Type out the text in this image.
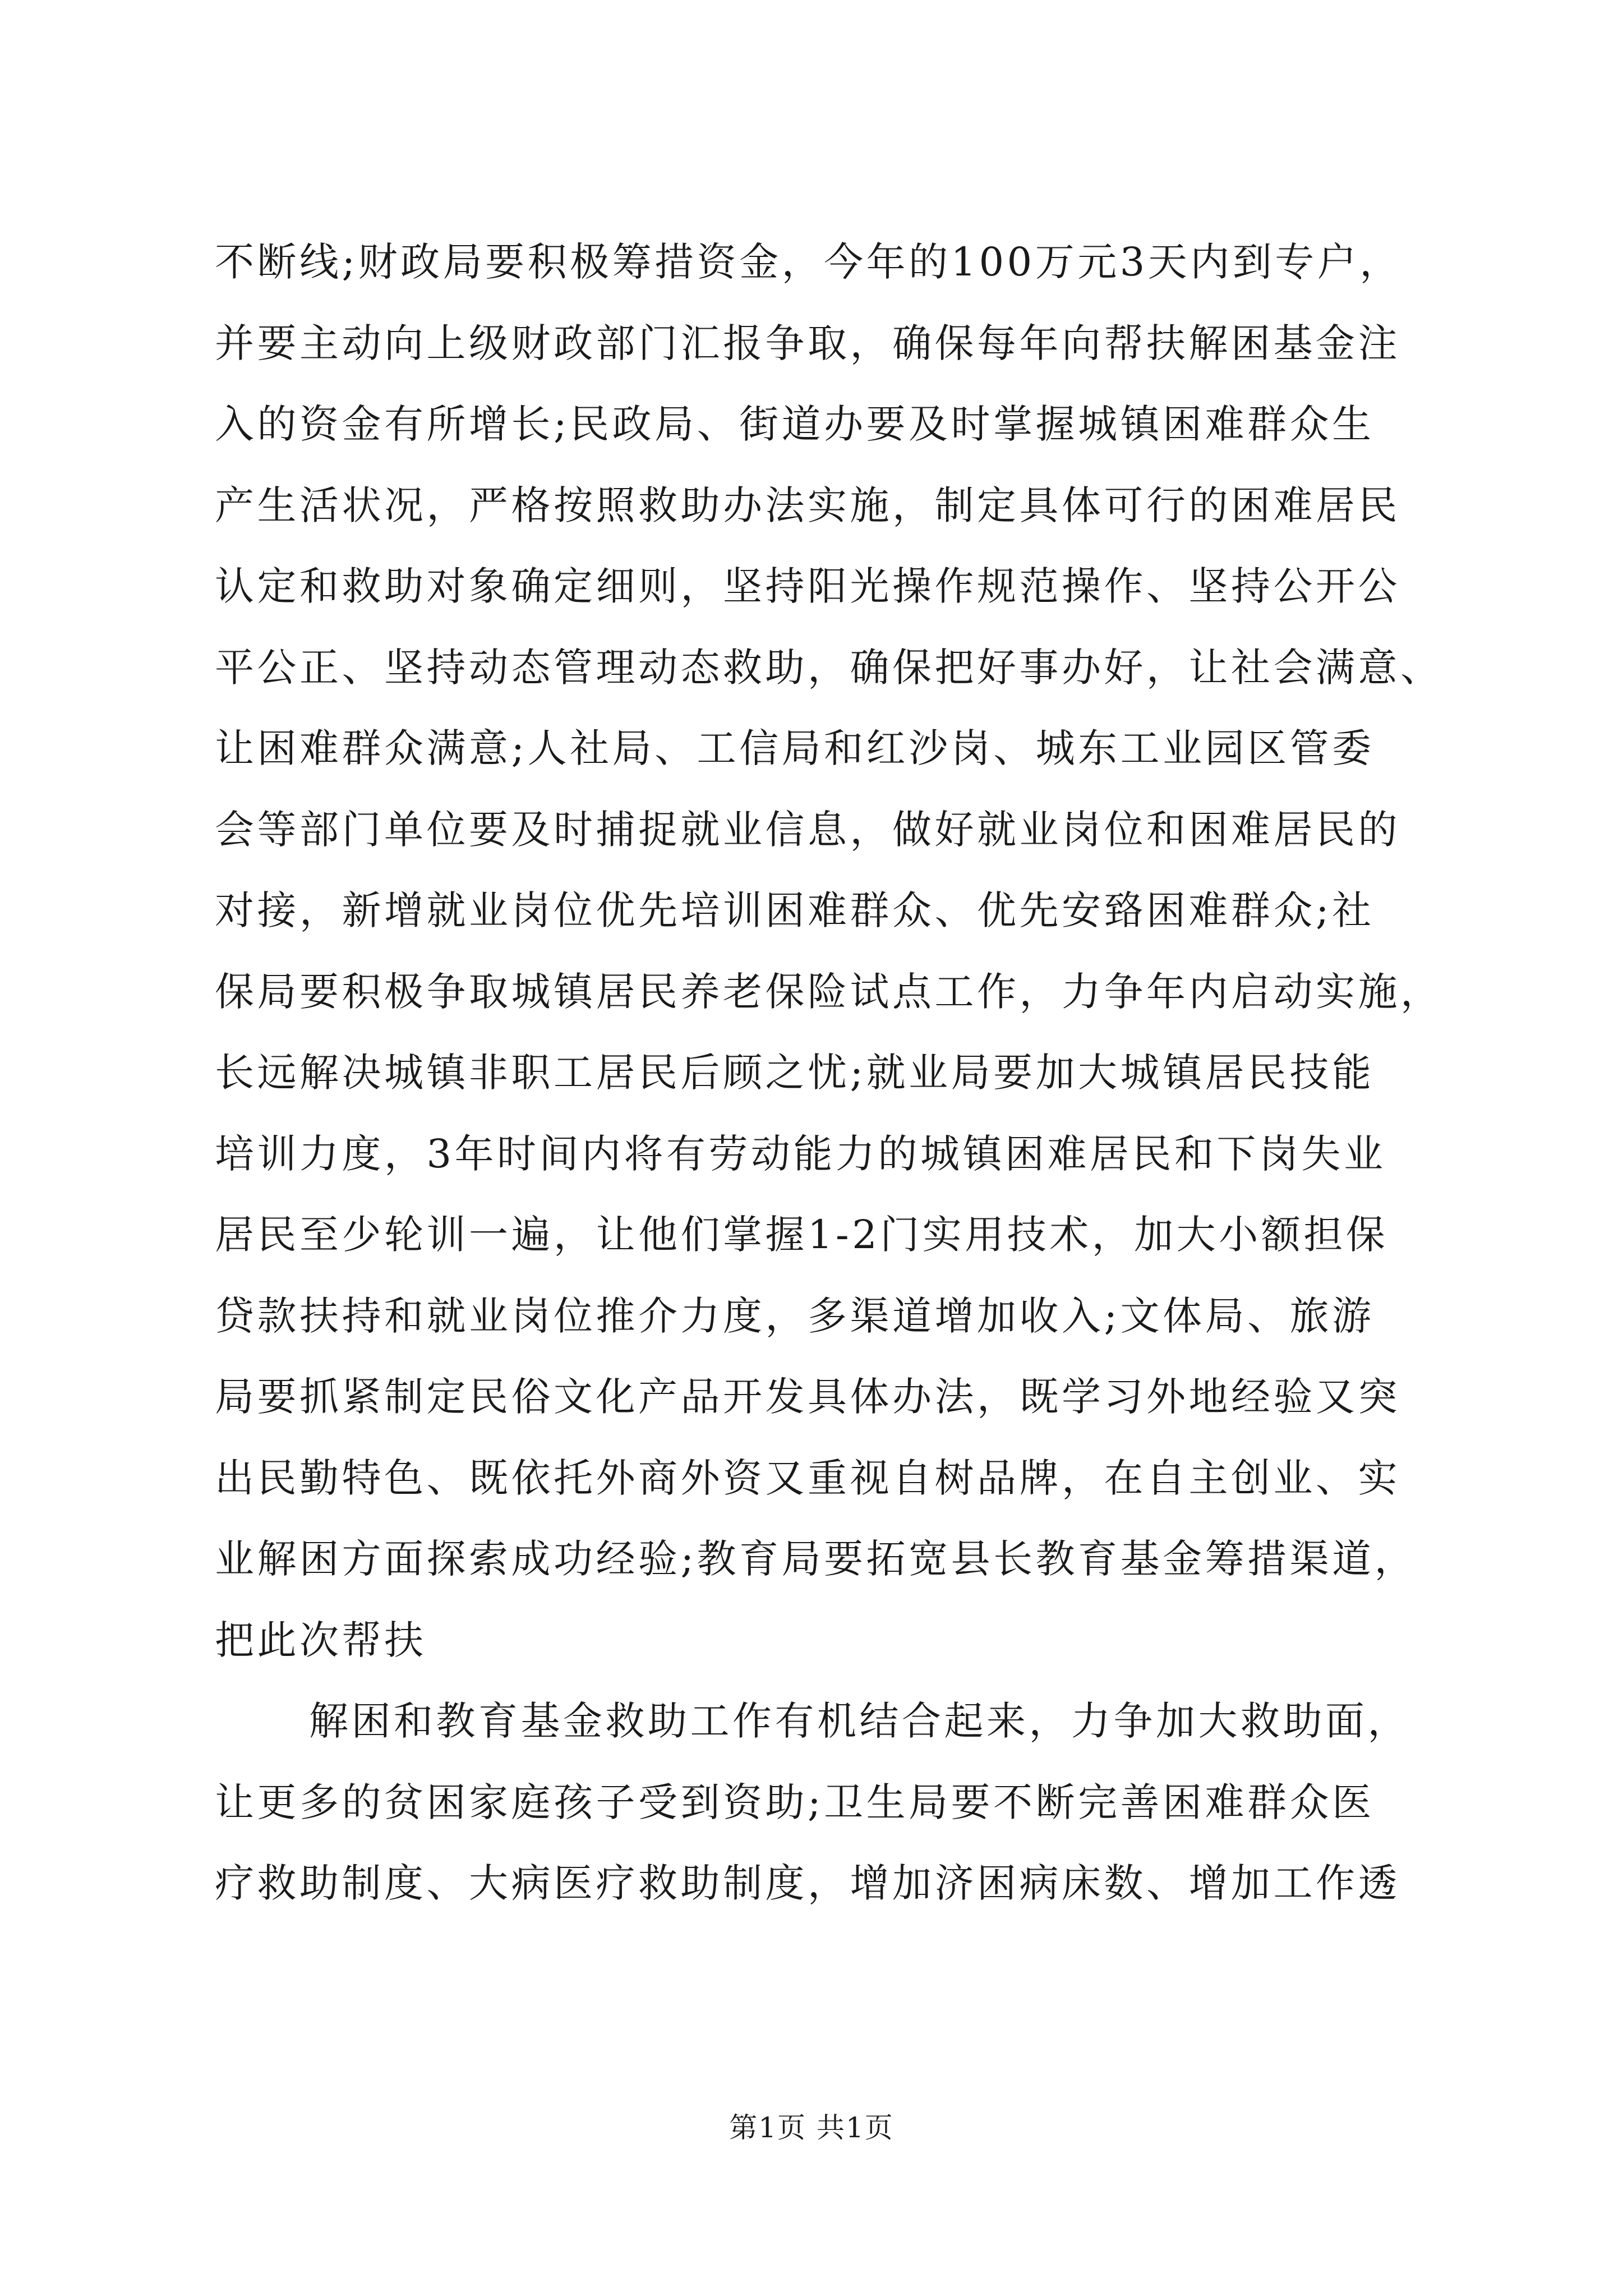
不断线;财政局要积极筹措资金，今年的100万元3天内到专户，
并要主动向上级财政部门汇报争取，确保每年向帮扶解困基金注
入的资金有所增长;民政局、街道办要及时掌握城镇困难群众生
产生活状况，严格按照救助办法实施，制定具体可行的困难居民
认定和救助对象确定细则，坚持阳光操作规范操作、坚持公开公
平公正、坚持动态管理动态救助，确保把好事办好，让社会满意、
让困难群众满意;人社局、工信局和红沙岗、城东工业园区管委
会等部门单位要及时捕捉就业信息，做好就业岗位和困难居民的
对接，新增就业岗位优先培训困难群众、优先安臵困难群众;社
保局要积极争取城镇居民养老保险试点工作，力争年内启动实施，
长远解决城镇非职工居民后顾之忧;就业局要加大城镇居民技能
培训力度，3年时间内将有劳动能力的城镇困难居民和下岗失业
居民至少轮训一遍，让他们掌握1-2门实用技术，加大小额担保
贷款扶持和就业岗位推介力度，多渠道增加收入;文体局、旅游
局要抓紧制定民俗文化产品开发具体办法，既学习外地经验又突
出民勤特色、既依托外商外资又重视自树品牌，在自主创业、实
业解困方面探索成功经验;教育局要拓宽县长教育基金筹措渠道，
把此次帮扶
解困和教育基金救助工作有机结合起来，力争加大救助面，
让更多的贫困家庭孩子受到资助;卫生局要不断完善困难群众医
疗救助制度、大病医疗救助制度，增加济困病床数、增加工作透
第1页 共1页
